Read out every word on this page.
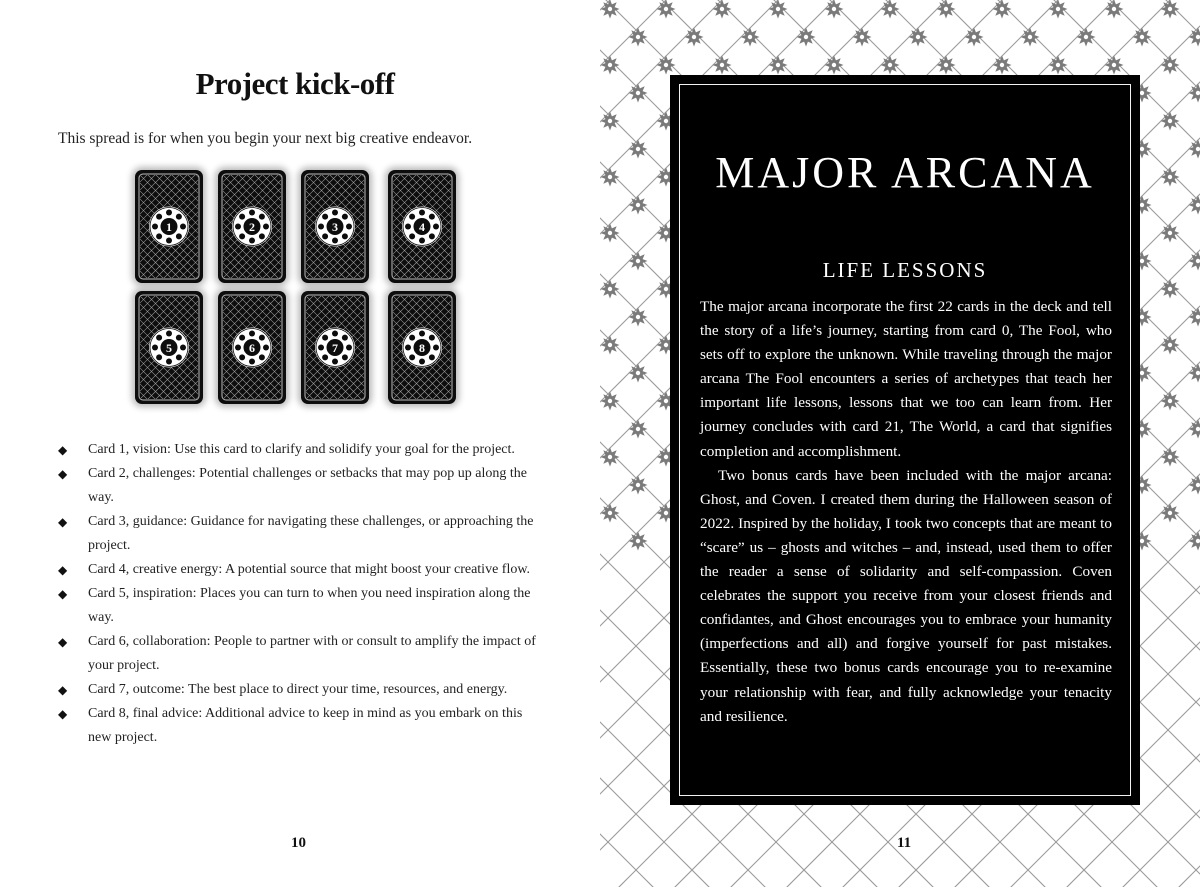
Project kick-off
This spread is for when you begin your next big creative endeavor.
1	2	3	4
5	6	7	8
◆ Card 1, vision: Use this card to clarify and solidify your goal for the project.
◆ Card 2, challenges: Potential challenges or setbacks that may pop up along the way.
◆ Card 3, guidance: Guidance for navigating these challenges, or approaching the project.
◆ Card 4, creative energy: A potential source that might boost your creative flow.
◆ Card 5, inspiration: Places you can turn to when you need inspiration along the way.
◆ Card 6, collaboration: People to partner with or consult to amplify the impact of your project.
◆ Card 7, outcome: The best place to direct your time, resources, and energy.
◆ Card 8, final advice: Additional advice to keep in mind as you embark on this new project.
10
MAJOR ARCANA
LIFE LESSONS

The major arcana incorporate the first 22 cards in the deck and tell the story of a life’s journey, starting from card 0, The Fool, who sets off to explore the unknown. While traveling through the major arcana The Fool encounters a series of archetypes that teach her important life lessons, lessons that we too can learn from. Her journey concludes with card 21, The World, a card that signifies completion and accomplishment.

Two bonus cards have been included with the major arcana: Ghost, and Coven. I created them during the Halloween season of 2022. Inspired by the holiday, I took two concepts that are meant to “scare” us – ghosts and witches – and, instead, used them to offer the reader a sense of solidarity and self-compassion. Coven celebrates the support you receive from your closest friends and confidantes, and Ghost encourages you to embrace your humanity (imperfections and all) and forgive yourself for past mistakes. Essentially, these two bonus cards encourage you to re-examine your relationship with fear, and fully acknowledge your tenacity and resilience.

11
